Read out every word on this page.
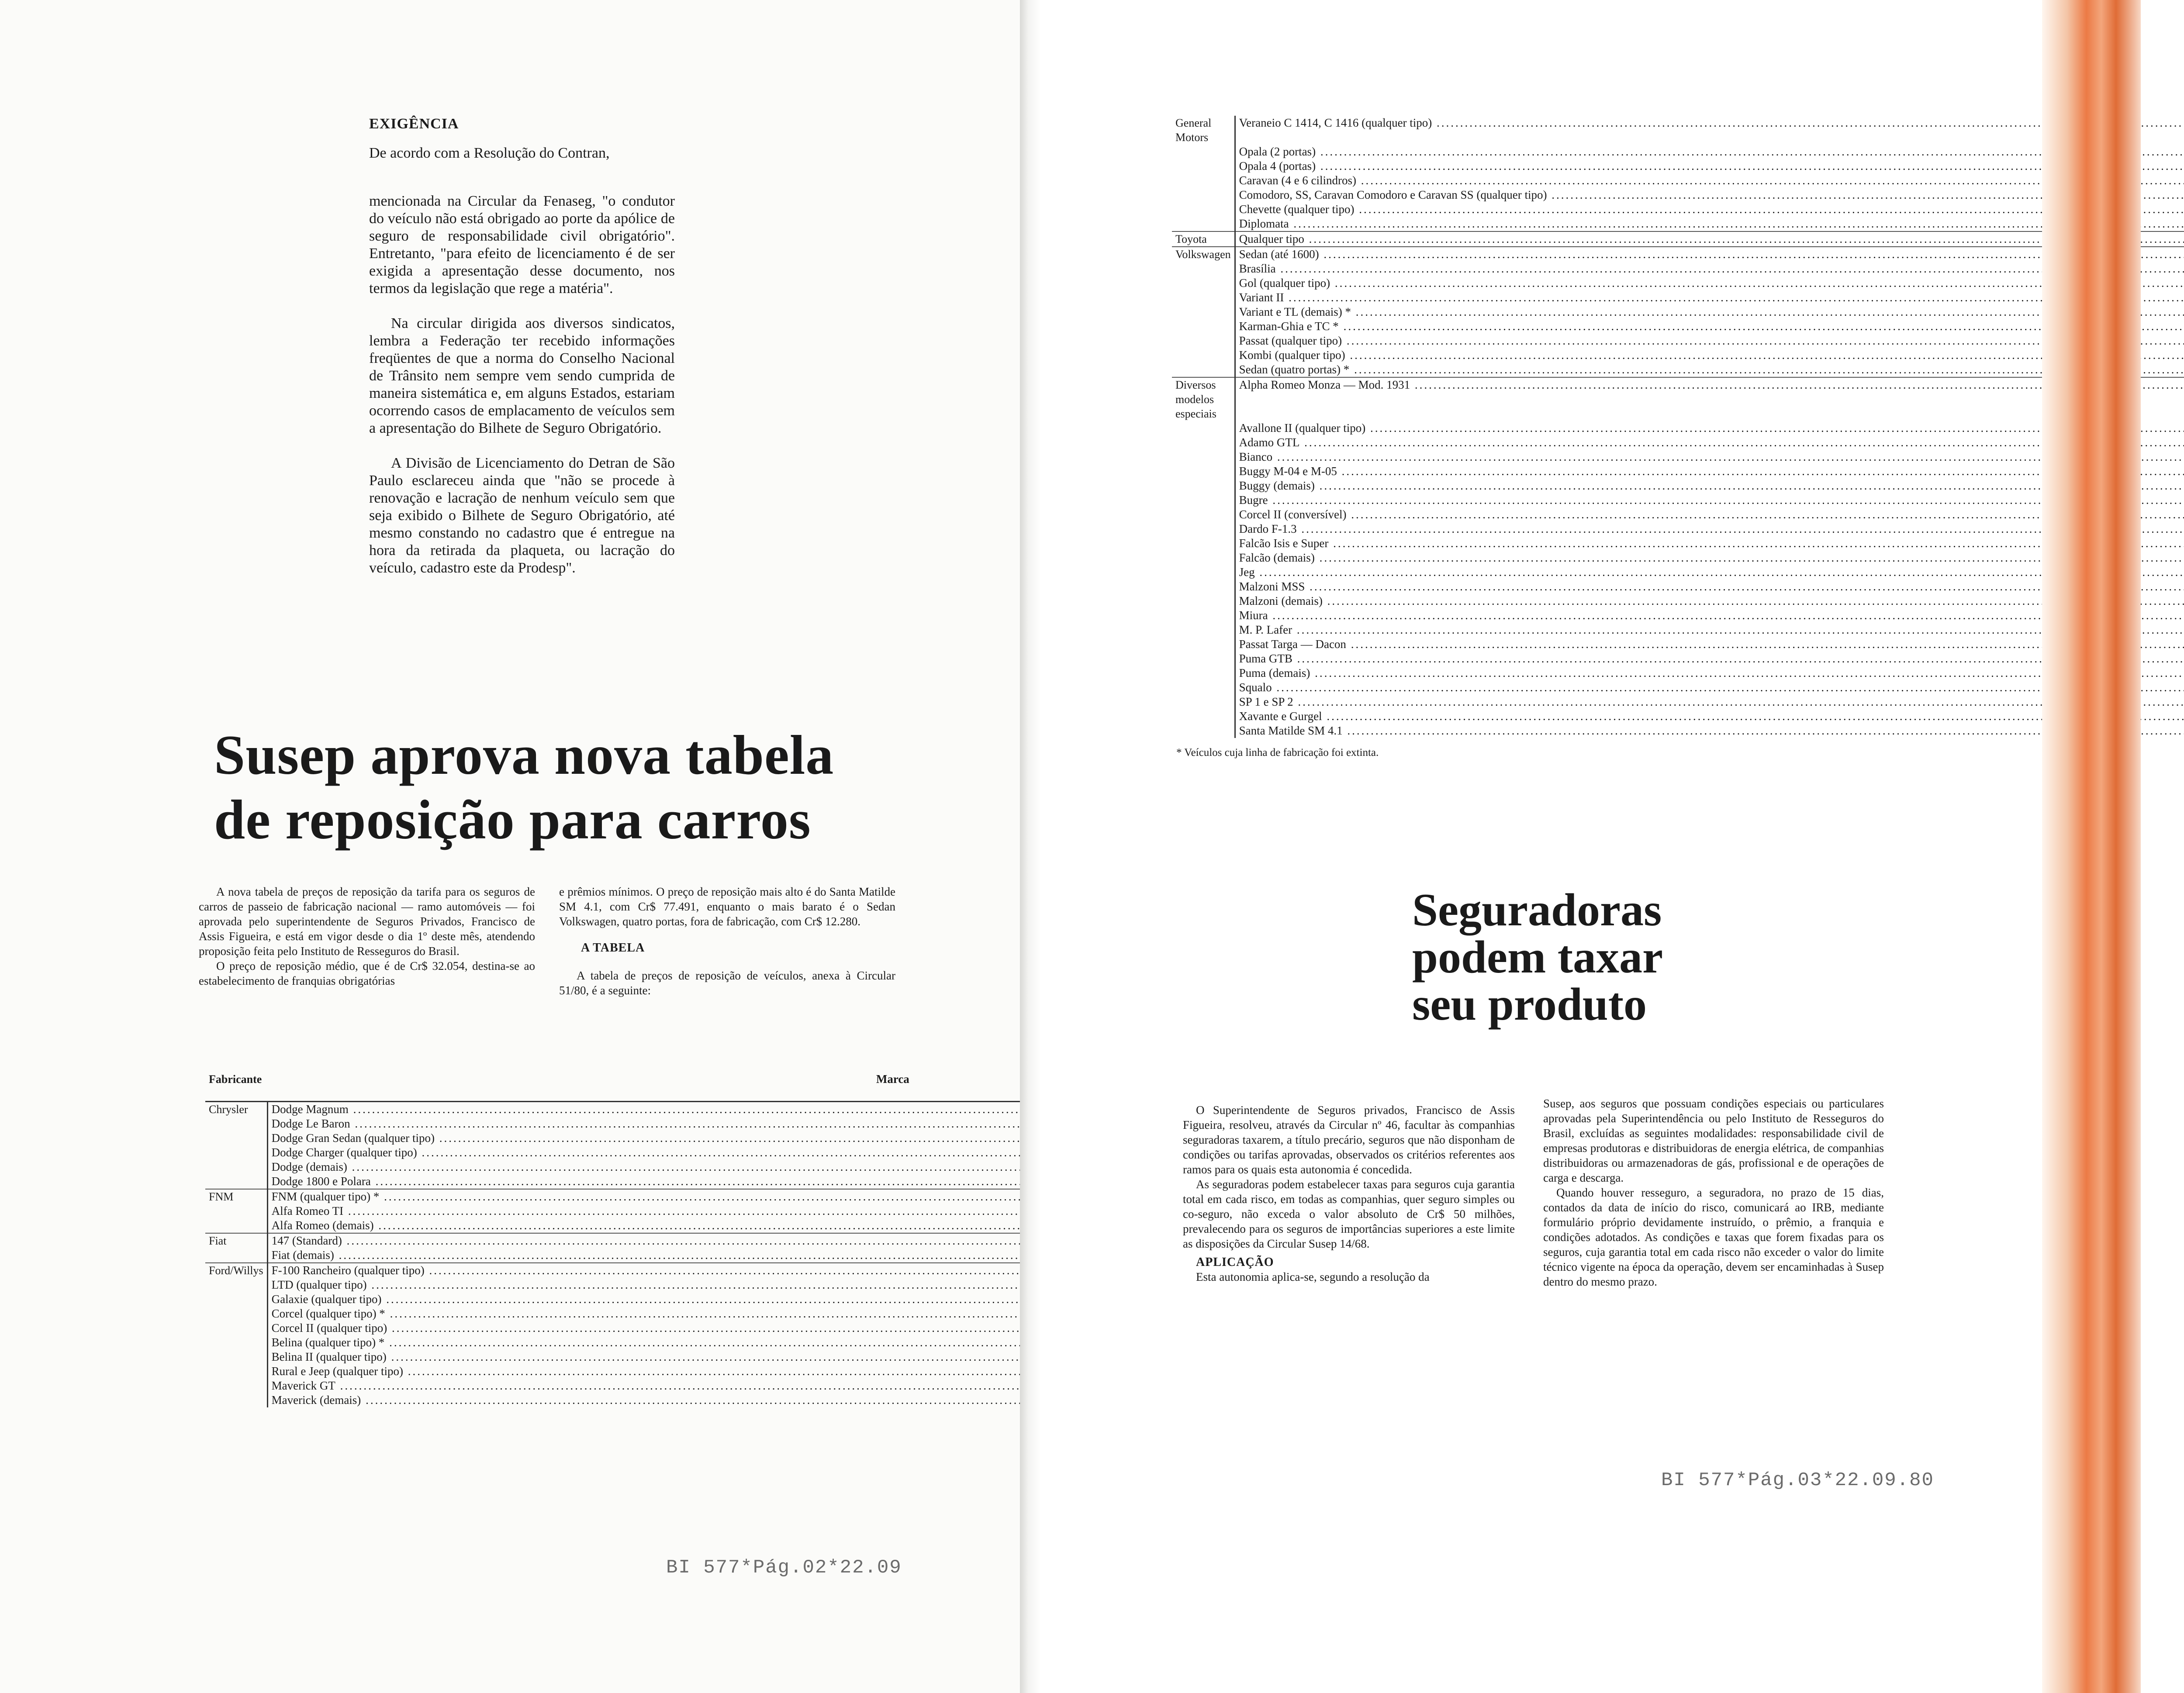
EXIGÊNCIA

De acordo com a Resolução do Contran,

mencionada na Circular da Fenaseg, "o condutor do veículo não está obrigado ao porte da apólice de seguro de responsabilidade civil obrigatório". Entretanto, "para efeito de licenciamento é de ser exigida a apresentação desse documento, nos termos da legislação que rege a matéria".

Na circular dirigida aos diversos sindicatos, lembra a Federação ter recebido informações freqüentes de que a norma do Conselho Nacional de Trânsito nem sempre vem sendo cumprida de maneira sistemática e, em alguns Estados, estariam ocorrendo casos de emplacamento de veículos sem a apresentação do Bilhete de Seguro Obrigatório.

A Divisão de Licenciamento do Detran de São Paulo esclareceu ainda que "não se procede à renovação e lacração de nenhum veículo sem que seja exibido o Bilhete de Seguro Obrigatório, até mesmo constando no cadastro que é entregue na hora da retirada da plaqueta, ou lacração do veículo, cadastro este da Prodesp".

Susep aprova nova tabela
de reposição para carros

A nova tabela de preços de reposição da tarifa para os seguros de carros de passeio de fabricação nacional — ramo automóveis — foi aprovada pelo superintendente de Seguros Privados, Francisco de Assis Figueira, e está em vigor desde o dia 1º deste mês, atendendo proposição feita pelo Instituto de Resseguros do Brasil.

O preço de reposição médio, que é de Cr$ 32.054, destina-se ao estabelecimento de franquias obrigatórias

e prêmios mínimos. O preço de reposição mais alto é do Santa Matilde SM 4.1, com Cr$ 77.491, enquanto o mais barato é o Sedan Volkswagen, quatro portas, fora de fabricação, com Cr$ 12.280.

A TABELA

A tabela de preços de reposição de veículos, anexa à Circular 51/80, é a seguinte:

Fabricante	Marca	
Chrysler	Dodge Magnum .....

	Dodge Le Baron .....

	Dodge Gran Sedan (qualquer tipo) .....

	Dodge Charger (qualquer tipo) .....

	Dodge (demais) .....

	Dodge 1800 e Polara .....

FNM	FNM (qualquer tipo) * .....

	Alfa Romeo TI .....

	Alfa Romeo (demais) .....

Fiat	147 (Standard) .....

	Fiat (demais) .....

Ford/Willys	F-100 Rancheiro (qualquer tipo) .....

	LTD (qualquer tipo) .....

	Galaxie (qualquer tipo) .....

	Corcel (qualquer tipo) * .....

	Corcel II (qualquer tipo) .....

	Belina (qualquer tipo) * .....

	Belina II (qualquer tipo) .....

	Rural e Jeep (qualquer tipo) .....

	Maverick GT .....

	Maverick (demais) .....

BI 577*Pág.02*22.09
General Motors	Veraneio C 1414, C 1416 (qualquer tipo) .....

	Opala (2 portas) .....

	Opala 4 (portas) .....

	Caravan (4 e 6 cilindros) .....

	Comodoro, SS, Caravan Comodoro e Caravan SS (qualquer tipo) .....

	Chevette (qualquer tipo) .....

	Diplomata .....

Toyota	Qualquer tipo .....

Volkswagen	Sedan (até 1600) .....

	Brasília .....

	Gol (qualquer tipo) .....

	Variant II .....

	Variant e TL (demais) * .....

	Karman-Ghia e TC * .....

	Passat (qualquer tipo) .....

	Kombi (qualquer tipo) .....

	Sedan (quatro portas) * .....

Diversos modelos especiais	Alpha Romeo Monza — Mod. 1931 .....

	Avallone II (qualquer tipo) .....

	Adamo GTL .....

	Bianco .....

	Buggy M-04 e M-05 .....

	Buggy (demais) .....

	Bugre .....

	Corcel II (conversível) .....

	Dardo F-1.3 .....

	Falcão Isis e Super .....

	Falcão (demais) .....

	Jeg .....

	Malzoni MSS .....

	Malzoni (demais) .....

	Miura .....

	M. P. Lafer .....

	Passat Targa — Dacon .....

	Puma GTB .....

	Puma (demais) .....

	Squalo .....

	SP 1 e SP 2 .....

	Xavante e Gurgel .....

	Santa Matilde SM 4.1 .....

* Veículos cuja linha de fabricação foi extinta.
Seguradoras
podem taxar
seu produto

O Superintendente de Seguros privados, Francisco de Assis Figueira, resolveu, através da Circular nº 46, facultar às companhias seguradoras taxarem, a título precário, seguros que não disponham de condições ou tarifas aprovadas, observados os critérios referentes aos ramos para os quais esta autonomia é concedida.

As seguradoras podem estabelecer taxas para seguros cuja garantia total em cada risco, em todas as companhias, quer seguro simples ou co-seguro, não exceda o valor absoluto de Cr$ 50 milhões, prevalecendo para os seguros de importâncias superiores a este limite as disposições da Circular Susep 14/68.

APLICAÇÃO

Esta autonomia aplica-se, segundo a resolução da

Susep, aos seguros que possuam condições especiais ou particulares aprovadas pela Superintendência ou pelo Instituto de Resseguros do Brasil, excluídas as seguintes modalidades: responsabilidade civil de empresas produtoras e distribuidoras de energia elétrica, de companhias distribuidoras ou armazenadoras de gás, profissional e de operações de carga e descarga.

Quando houver resseguro, a seguradora, no prazo de 15 dias, contados da data de início do risco, comunicará ao IRB, mediante formulário próprio devidamente instruído, o prêmio, a franquia e condições adotados. As condições e taxas que forem fixadas para os seguros, cuja garantia total em cada risco não exceder o valor do limite técnico vigente na época da operação, devem ser encaminhadas à Susep dentro do mesmo prazo.

BI 577*Pág.03*22.09.80
